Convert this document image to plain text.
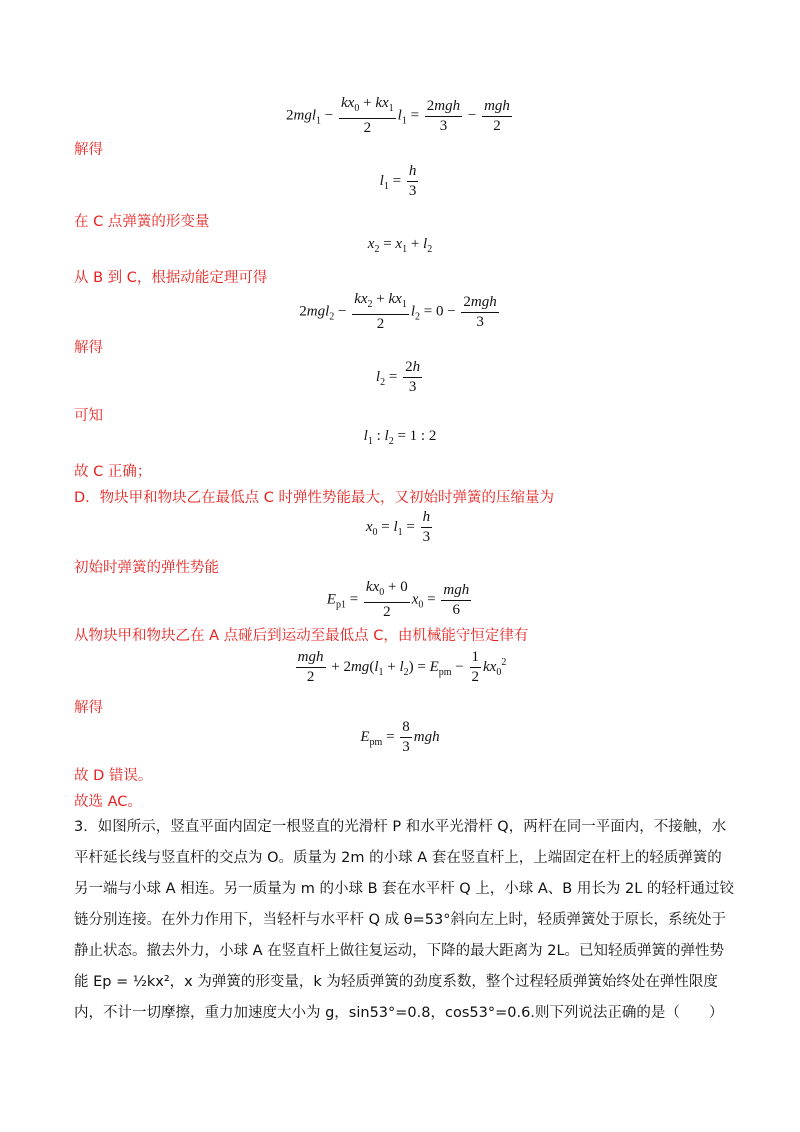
$2mgl_1 - \frac{kx_0 + kx_1}{2} l_1 = \frac{\text{2mgh}}{3} - \frac{\text{mgh}}{2}$
解得
$l_1 = \frac{h}{3}$
在 C 点弹簧的形变量
$x_2 = x_1 + l_2$
从 B 到 C，根据动能定理可得
$2mgl_2 - \frac{kx_2 + kx_1}{2} l_2 = 0 - \frac{\text{2mgh}}{3}$
解得
$l_2 = \frac{2h}{3}$
可知
$l_1$ : $l_2 = 1$ : 2
故 C 正确；
D．物块甲和物块乙在最低点 C 时弹性势能最大，又初始时弹簧的压缩量为
$x_0 = l_1 = \frac{h}{3}$
初始时弹簧的弹性势能
$E_{p1} = \frac{kx_0 + 0}{2} x_0 = \frac{\text{mgh}}{6}$
从物块甲和物块乙在 A 点碰后到运动至最低点 C，由机械能守恒定律有
$\frac{\text{mgh}}{2} + 2mg(l_1 + l_2) = E_{pm} - \frac{1}{2} kx_0^2$
解得
$E_{pm} = \frac{8}{3}$ mgh
故 D 错误。
故选 AC。
3．如图所示，竖直平面内固定一根竖直的光滑杆 P 和水平光滑杆 Q，两杆在同一平面内，不接触，水平杆延长线与竖直杆的交点为 O。质量为 2m 的小球 A 套在竖直杆上，上端固定在杆上的轻质弹簧的另一端与小球 A 相连。另一质量为 m 的小球 B 套在水平杆 Q 上，小球 A、B 用长为 2L 的轻杆通过铰链分别连接。在外力作用下，当轻杆与水平杆 Q 成 θ=53°斜向左上时，轻质弹簧处于原长，系统处于静止状态。撤去外力，小球 A 在竖直杆上做往复运动，下降的最大距离为 2L。已知轻质弹簧的弹性势能 Ep = ½kx²，x 为弹簧的形变量，k 为轻质弹簧的劲度系数，整个过程轻质弹簧始终处在弹性限度内，不计一切摩擦，重力加速度大小为 g，sin53°=0.8，cos53°=0.6.则下列说法正确的是（　　）
